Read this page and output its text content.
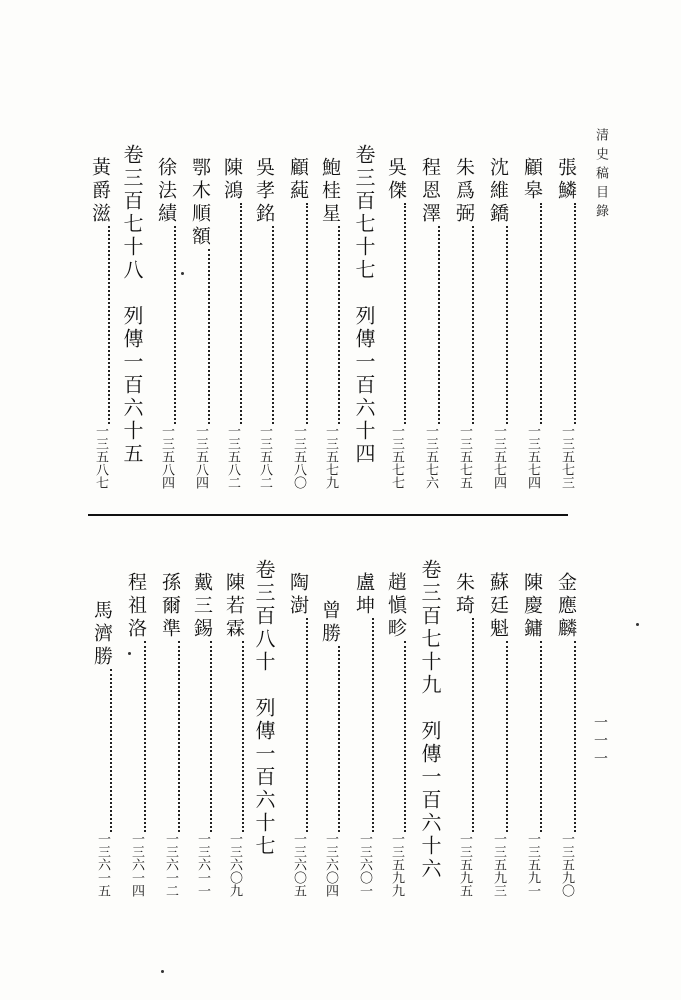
清史稿目錄
一一一
張鱗一三五七三
顧皋一三五七四
沈維鐈一三五七四
朱爲弼一三五七五
程恩澤一三五七六
吳傑一三五七七
卷三百七十七　列傳一百六十四
鮑桂星一三五七九
顧蒓一三五八〇
吳孝銘一三五八二
陳鴻一三五八二
鄂木順額一三五八四
徐法績一三五八四
卷三百七十八　列傳一百六十五
黃爵滋一三五八七
金應麟一三五九〇
陳慶鏞一三五九一
蘇廷魁一三五九三
朱琦一三五九五
卷三百七十九　列傳一百六十六
趙愼畛一三五九九
盧坤一三六〇一
曾勝一三六〇四
陶澍一三六〇五
卷三百八十　列傳一百六十七
陳若霖一三六〇九
戴三錫一三六一一
孫爾準一三六一二
程祖洛一三六一四
馬濟勝一三六一五
